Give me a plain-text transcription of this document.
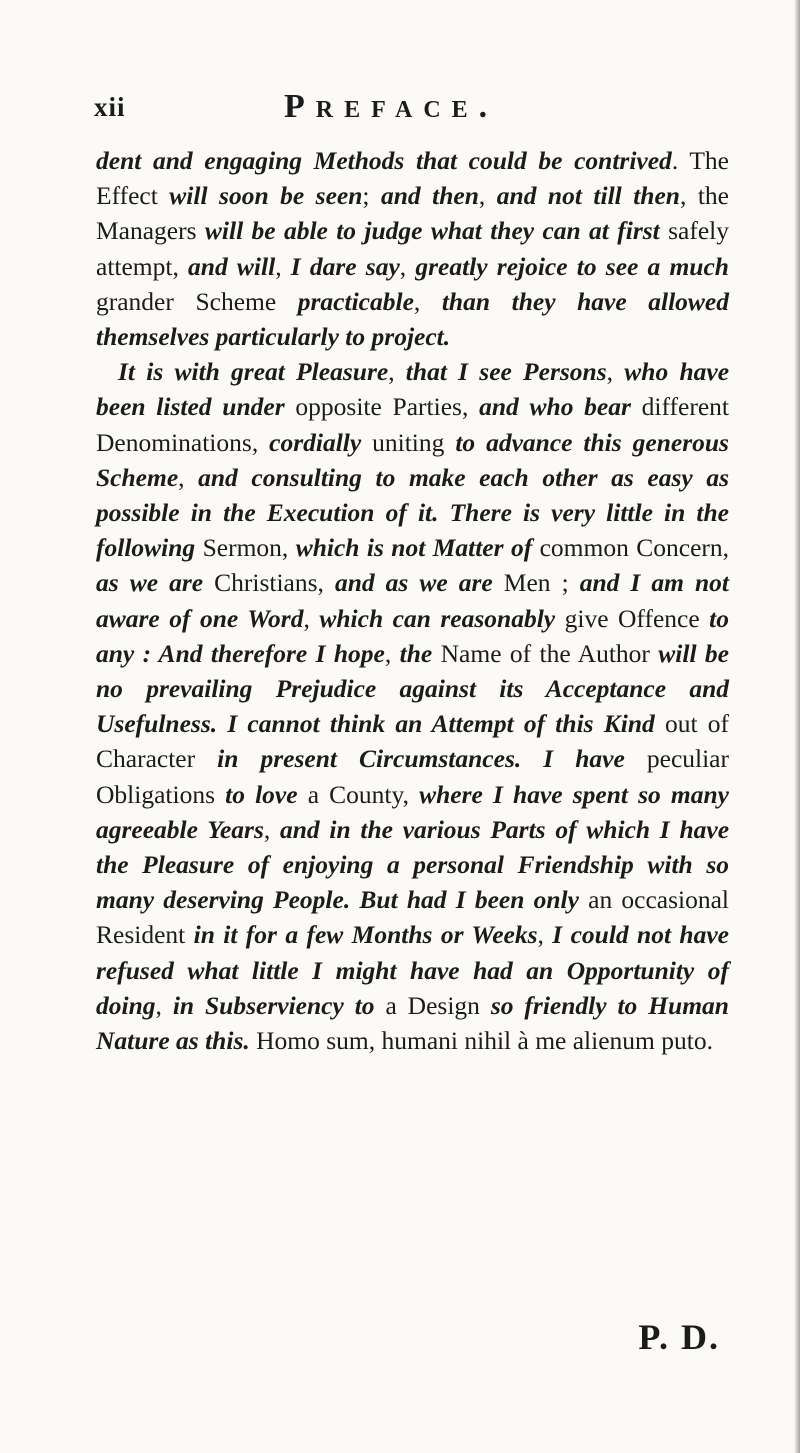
xii	Preface.

dent and engaging Methods that could be contrived. The Effect will soon be seen; and then, and not till then, the Managers will be able to judge what they can at first safely attempt, and will, I dare say, greatly rejoice to see a much grander Scheme practicable, than they have allowed themselves particularly to project.

It is with great Pleasure, that I see Persons, who have been listed under opposite Parties, and who bear different Denominations, cordially uniting to advance this generous Scheme, and consulting to make each other as easy as possible in the Execution of it. There is very little in the following Sermon, which is not Matter of common Concern, as we are Christians, and as we are Men ; and I am not aware of one Word, which can reasonably give Offence to any : And therefore I hope, the Name of the Author will be no prevailing Prejudice against its Acceptance and Usefulness. I cannot think an Attempt of this Kind out of Character in present Circumstances. I have peculiar Obligations to love a County, where I have spent so many agreeable Years, and in the various Parts of which I have the Pleasure of enjoying a personal Friendship with so many deserving People. But had I been only an occasional Resident in it for a few Months or Weeks, I could not have refused what little I might have had an Opportunity of doing, in Subserviency to a Design so friendly to Human Nature as this. Homo sum, humani nihil à me alienum puto.

P. D.
